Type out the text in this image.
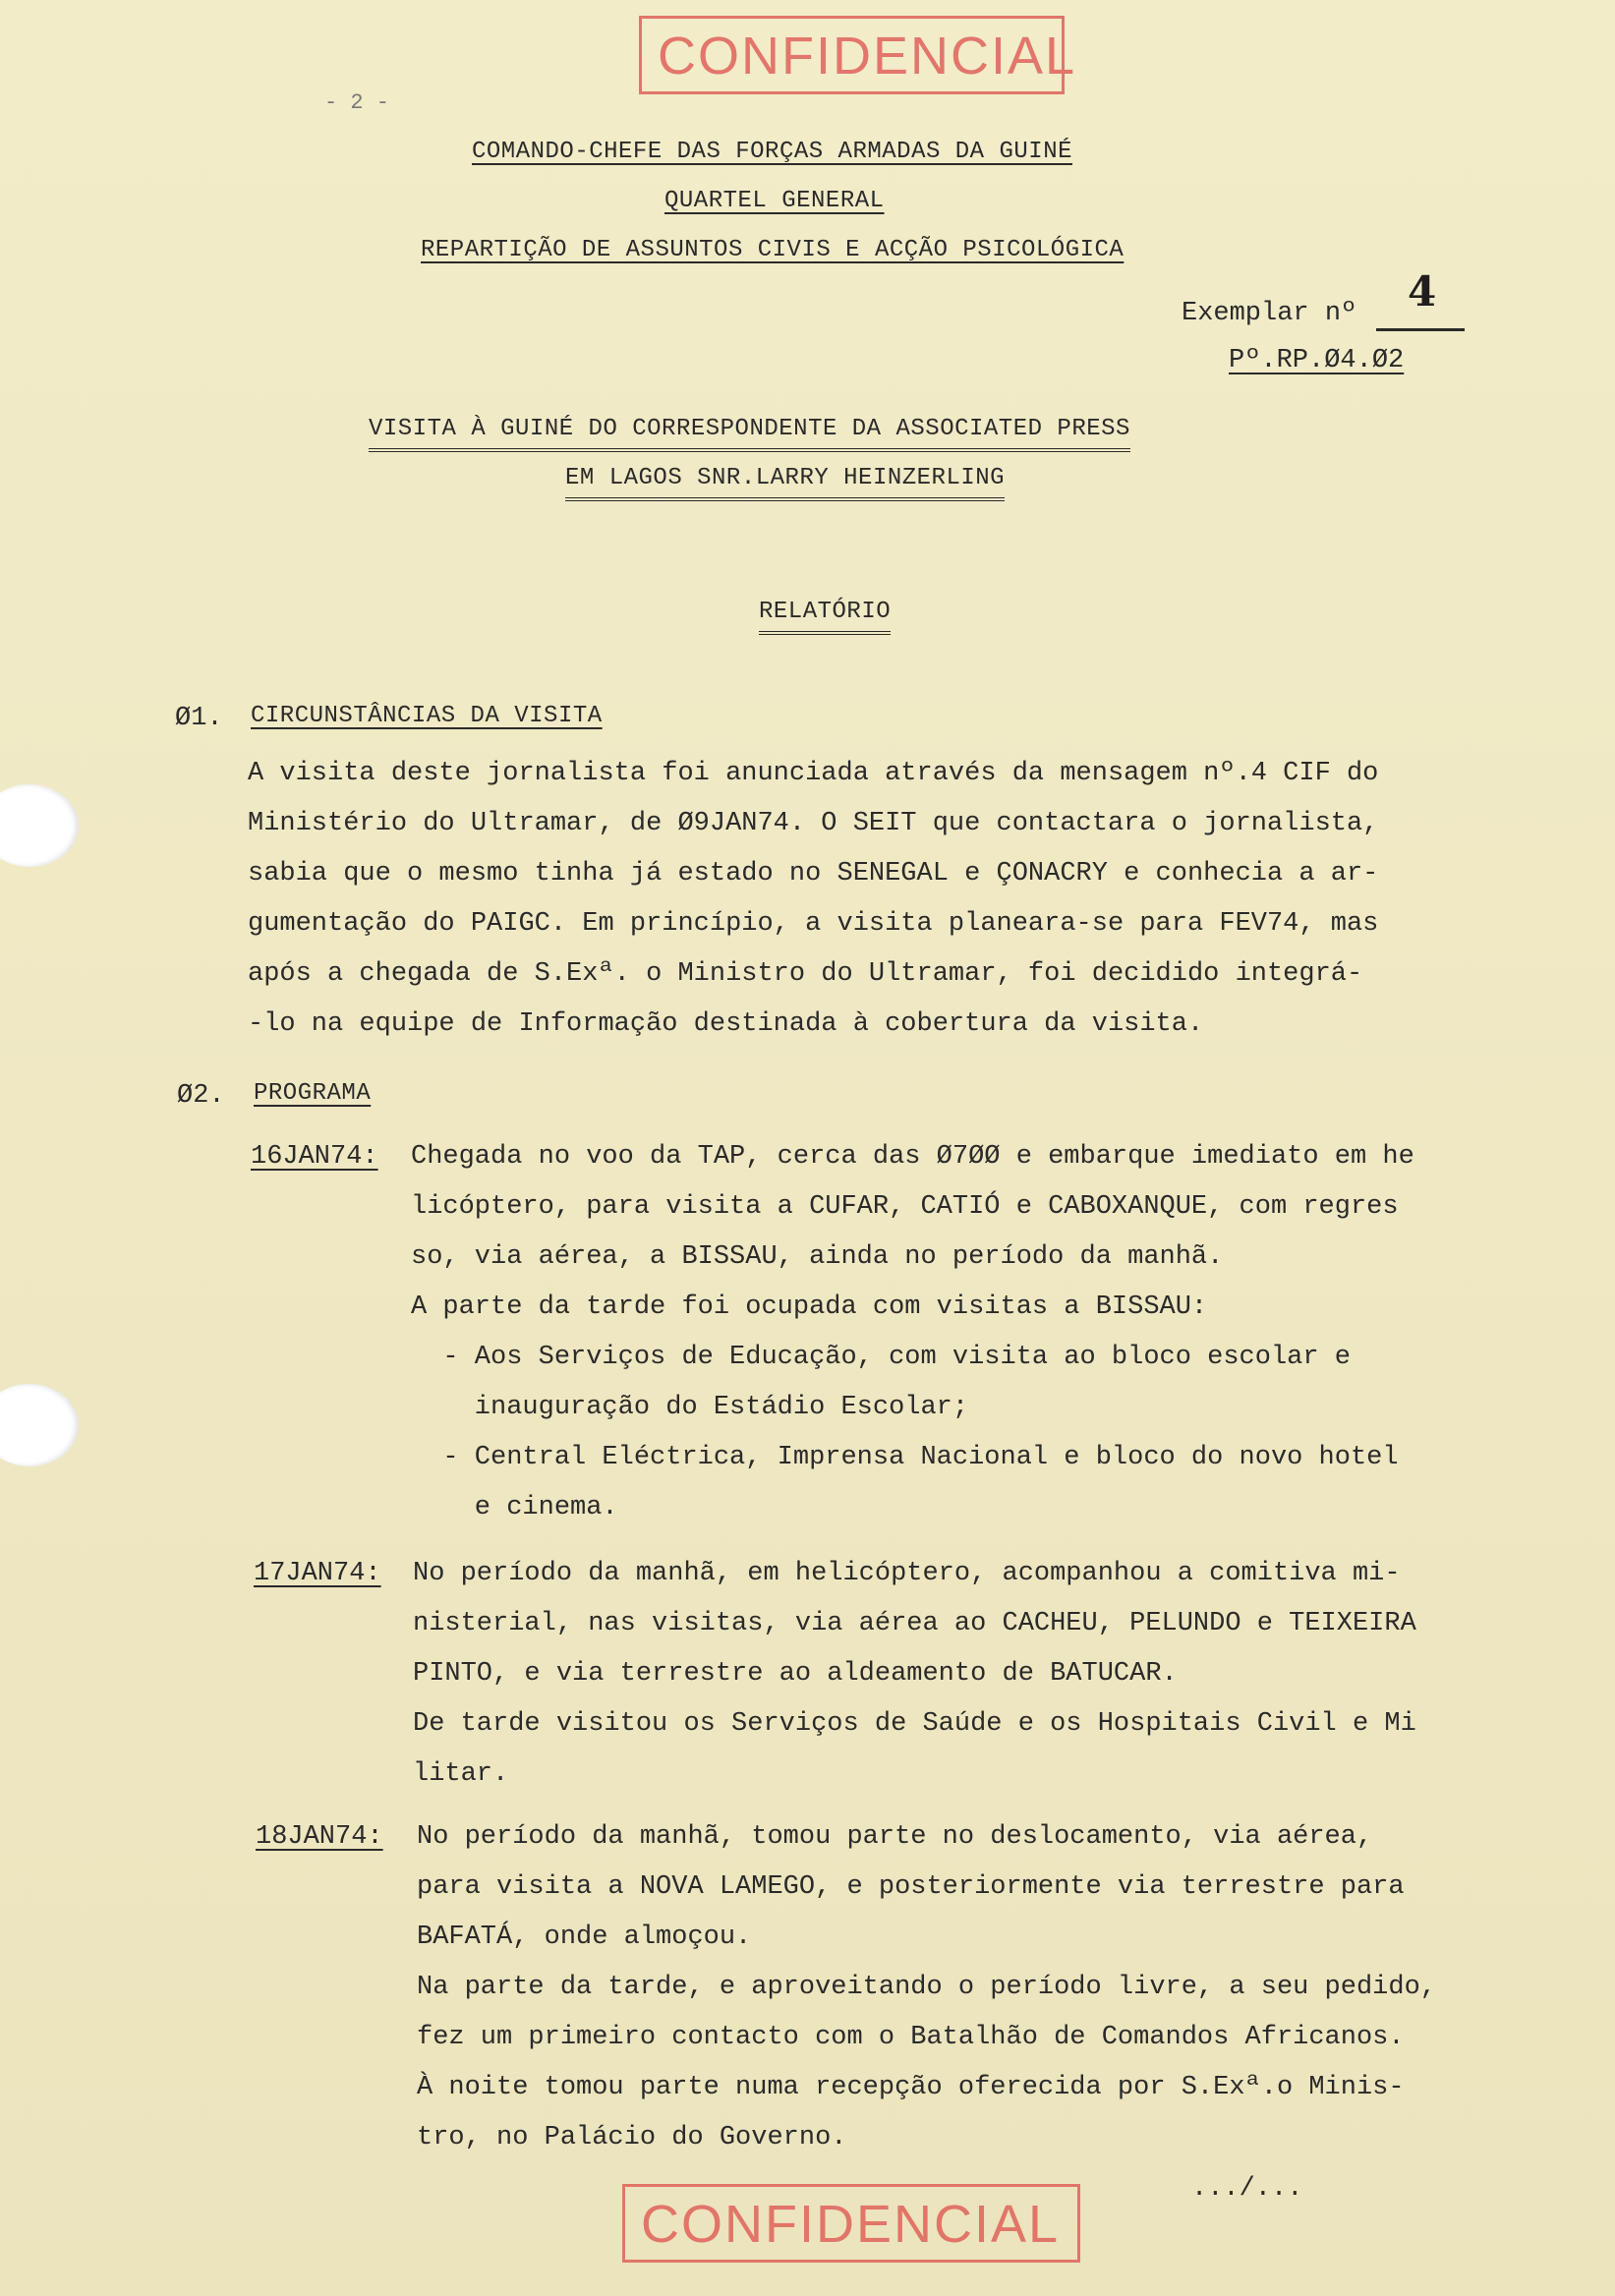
CONFIDENCIAL
- 2 -
COMANDO-CHEFE DAS FORÇAS ARMADAS DA GUINÉ
QUARTEL GENERAL
REPARTIÇÃO DE ASSUNTOS CIVIS E ACÇÃO PSICOLÓGICA
Exemplar nº 4
Pº.RP.Ø4.Ø2
VISITA À GUINÉ DO CORRESPONDENTE DA ASSOCIATED PRESS
EM LAGOS SNR.LARRY HEINZERLING
RELATÓRIO
Ø1. CIRCUNSTÂNCIAS DA VISITA
A visita deste jornalista foi anunciada através da mensagem nº.4 CIF do
Ministério do Ultramar, de Ø9JAN74. O SEIT que contactara o jornalista,
sabia que o mesmo tinha já estado no SENEGAL e ÇONACRY e conhecia a ar-
gumentação do PAIGC. Em princípio, a visita planeara-se para FEV74, mas
após a chegada de S.Exª. o Ministro do Ultramar, foi decidido integrá-
-lo na equipe de Informação destinada à cobertura da visita.
Ø2. PROGRAMA
16JAN74: Chegada no voo da TAP, cerca das Ø7ØØ e embarque imediato em he
licóptero, para visita a CUFAR, CATIÓ e CABOXANQUE, com regres
so, via aérea, a BISSAU, ainda no período da manhã.
A parte da tarde foi ocupada com visitas a BISSAU:
- Aos Serviços de Educação, com visita ao bloco escolar e
inauguração do Estádio Escolar;
- Central Eléctrica, Imprensa Nacional e bloco do novo hotel
e cinema.
17JAN74: No período da manhã, em helicóptero, acompanhou a comitiva mi-
nisterial, nas visitas, via aérea ao CACHEU, PELUNDO e TEIXEIRA
PINTO, e via terrestre ao aldeamento de BATUCAR.
De tarde visitou os Serviços de Saúde e os Hospitais Civil e Mi
litar.
18JAN74: No período da manhã, tomou parte no deslocamento, via aérea,
para visita a NOVA LAMEGO, e posteriormente via terrestre para
BAFATÁ, onde almoçou.
Na parte da tarde, e aproveitando o período livre, a seu pedido,
fez um primeiro contacto com o Batalhão de Comandos Africanos.
À noite tomou parte numa recepção oferecida por S.Exª.o Minis-
tro, no Palácio do Governo.
.../...
CONFIDENCIAL
